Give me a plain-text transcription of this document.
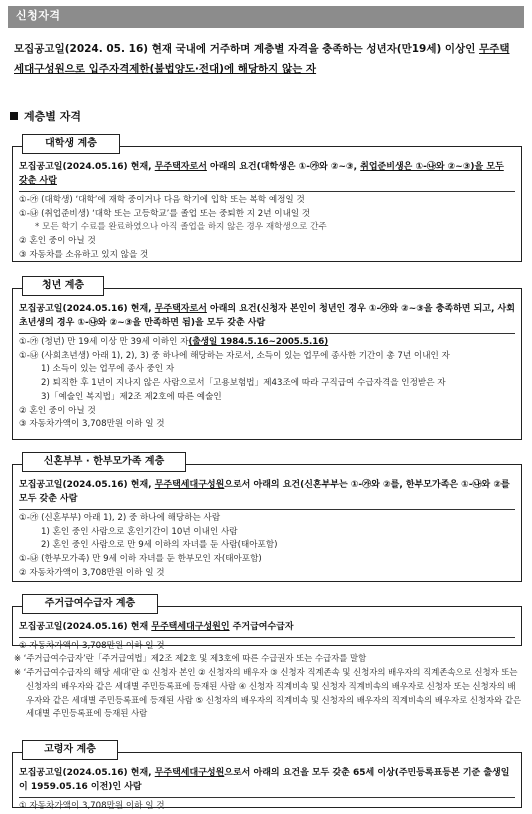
신청자격
모집공고일(2024. 05. 16) 현재 국내에 거주하며 계층별 자격을 충족하는 성년자(만19세) 이상인 무주택 세대구성원으로 입주자격제한(불법양도·전대)에 해당하지 않는 자
계층별 자격
대학생 계층
모집공고일(2024.05.16) 현재, 무주택자로서 아래의 요건(대학생은 ①-㉮와 ②~③, 취업준비생은 ①-㉯와 ②~③)을 모두 갖춘 사람
①-㉮ (대학생) ‘대학’에 재학 중이거나 다음 학기에 입학 또는 복학 예정일 것
①-㉯ (취업준비생) ‘대학 또는 고등학교’를 졸업 또는 중퇴한 지 2년 이내일 것
* 모든 학기 수료를 완료하였으나 아직 졸업을 하지 않은 경우 재학생으로 간주
② 혼인 중이 아닐 것
③ 자동차를 소유하고 있지 않을 것
청년 계층
모집공고일(2024.05.16) 현재, 무주택자로서 아래의 요건(신청자 본인이 청년인 경우 ①-㉮와 ②~③을 충족하면 되고, 사회초년생의 경우 ①-㉯와 ②~③을 만족하면 됨)을 모두 갖춘 사람
①-㉮ (청년) 만 19세 이상 만 39세 이하인 자(출생일 1984.5.16~2005.5.16)
①-㉯ (사회초년생) 아래 1), 2), 3) 중 하나에 해당하는 자로서, 소득이 있는 업무에 종사한 기간이 총 7년 이내인 자
1) 소득이 있는 업무에 종사 중인 자
2) 퇴직한 후 1년이 지나지 않은 사람으로서「고용보험법」제43조에 따라 구직급여 수급자격을 인정받은 자
3)「예술인 복지법」제2조 제2호에 따른 예술인
② 혼인 중이 아닐 것
③ 자동차가액이 3,708만원 이하 일 것
신혼부부 · 한부모가족 계층
모집공고일(2024.05.16) 현재, 무주택세대구성원으로서 아래의 요건(신혼부부는 ①-㉮와 ②를, 한부모가족은 ①-㉯와 ②를 모두 갖춘 사람
①-㉮ (신혼부부) 아래 1), 2) 중 하나에 해당하는 사람
1) 혼인 중인 사람으로 혼인기간이 10년 이내인 사람
2) 혼인 중인 사람으로 만 9세 이하의 자녀를 둔 사람(태아포함)
①-㉯ (한부모가족) 만 9세 이하 자녀를 둔 한부모인 자(태아포함)
② 자동차가액이 3,708만원 이하 일 것
주거급여수급자 계층
모집공고일(2024.05.16) 현재 무주택세대구성원인 주거급여수급자
① 자동차가액이 3,708만원 이하 일 것
※ ‘주거급여수급자’란「주거급여법」제2조 제2호 및 제3호에 따른 수급권자 또는 수급자를 말함
※ ‘주거급여수급자의 해당 세대’란 ① 신청자 본인 ② 신청자의 배우자 ③ 신청자 직계존속 및 신청자의 배우자의 직계존속으로 신청자 또는 신청자의 배우자와 같은 세대별 주민등록표에 등재된 사람 ④ 신청자 직계비속 및 신청자 직계비속의 배우자로 신청자 또는 신청자의 배우자와 같은 세대별 주민등록표에 등재된 사람 ⑤ 신청자의 배우자의 직계비속 및 신청자의 배우자의 직계비속의 배우자로 신청자와 같은 세대별 주민등록표에 등재된 사람
고령자 계층
모집공고일(2024.05.16) 현재, 무주택세대구성원으로서 아래의 요건을 모두 갖춘 65세 이상(주민등록표등본 기준 출생일이 1959.05.16 이전)인 사람
① 자동차가액이 3,708만원 이하 일 것
